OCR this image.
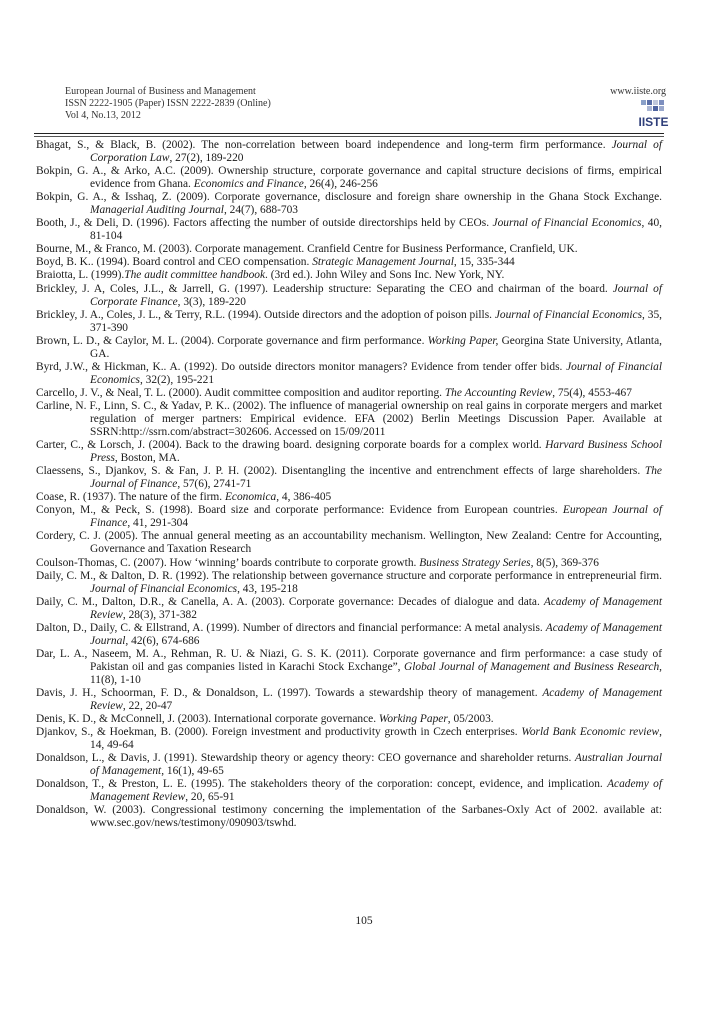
European Journal of Business and Management
ISSN 2222-1905 (Paper) ISSN 2222-2839 (Online)
Vol 4, No.13, 2012
www.iiste.org
IISTE
Bhagat, S., & Black, B. (2002). The non-correlation between board independence and long-term firm performance. Journal of Corporation Law, 27(2), 189-220
Bokpin, G. A., & Arko, A.C. (2009). Ownership structure, corporate governance and capital structure decisions of firms, empirical evidence from Ghana. Economics and Finance, 26(4), 246-256
Bokpin, G. A., & Isshaq, Z. (2009). Corporate governance, disclosure and foreign share ownership in the Ghana Stock Exchange. Managerial Auditing Journal, 24(7), 688-703
Booth, J., & Deli, D. (1996). Factors affecting the number of outside directorships held by CEOs. Journal of Financial Economics, 40, 81-104
Bourne, M., & Franco, M. (2003). Corporate management. Cranfield Centre for Business Performance, Cranfield, UK.
Boyd, B. K.. (1994). Board control and CEO compensation. Strategic Management Journal, 15, 335-344
Braiotta, L. (1999).The audit committee handbook. (3rd ed.). John Wiley and Sons Inc. New York, NY.
Brickley, J. A, Coles, J.L., & Jarrell, G. (1997). Leadership structure: Separating the CEO and chairman of the board. Journal of Corporate Finance, 3(3), 189-220
Brickley, J. A., Coles, J. L., & Terry, R.L. (1994). Outside directors and the adoption of poison pills. Journal of Financial Economics, 35, 371-390
Brown, L. D., & Caylor, M. L. (2004). Corporate governance and firm performance. Working Paper, Georgina State University, Atlanta, GA.
Byrd, J.W., & Hickman, K.. A. (1992). Do outside directors monitor managers? Evidence from tender offer bids. Journal of Financial Economics, 32(2), 195-221
Carcello, J. V., & Neal, T. L. (2000). Audit committee composition and auditor reporting. The Accounting Review, 75(4), 4553-467
Carline, N. F., Linn, S. C., & Yadav, P. K.. (2002). The influence of managerial ownership on real gains in corporate mergers and market regulation of merger partners: Empirical evidence. EFA (2002) Berlin Meetings Discussion Paper. Available at SSRN:http://ssrn.com/abstract=302606. Accessed on 15/09/2011
Carter, C., & Lorsch, J. (2004). Back to the drawing board. designing corporate boards for a complex world. Harvard Business School Press, Boston, MA.
Claessens, S., Djankov, S. & Fan, J. P. H. (2002). Disentangling the incentive and entrenchment effects of large shareholders. The Journal of Finance, 57(6), 2741-71
Coase, R. (1937). The nature of the firm. Economica, 4, 386-405
Conyon, M., & Peck, S. (1998). Board size and corporate performance: Evidence from European countries. European Journal of Finance, 41, 291-304
Cordery, C. J. (2005). The annual general meeting as an accountability mechanism. Wellington, New Zealand: Centre for Accounting, Governance and Taxation Research
Coulson-Thomas, C. (2007). How ‘winning’ boards contribute to corporate growth. Business Strategy Series, 8(5), 369-376
Daily, C. M., & Dalton, D. R. (1992). The relationship between governance structure and corporate performance in entrepreneurial firm. Journal of Financial Economics, 43, 195-218
Daily, C. M., Dalton, D.R., & Canella, A. A. (2003). Corporate governance: Decades of dialogue and data. Academy of Management Review, 28(3), 371-382
Dalton, D., Daily, C. & Ellstrand, A. (1999). Number of directors and financial performance: A metal analysis. Academy of Management Journal, 42(6), 674-686
Dar, L. A., Naseem, M. A., Rehman, R. U. & Niazi, G. S. K. (2011). Corporate governance and firm performance: a case study of Pakistan oil and gas companies listed in Karachi Stock Exchange”, Global Journal of Management and Business Research, 11(8), 1-10
Davis, J. H., Schoorman, F. D., & Donaldson, L. (1997). Towards a stewardship theory of management. Academy of Management Review, 22, 20-47
Denis, K. D., & McConnell, J. (2003). International corporate governance. Working Paper, 05/2003.
Djankov, S., & Hoekman, B. (2000). Foreign investment and productivity growth in Czech enterprises. World Bank Economic review, 14, 49-64
Donaldson, L., & Davis, J. (1991). Stewardship theory or agency theory: CEO governance and shareholder returns. Australian Journal of Management, 16(1), 49-65
Donaldson, T., & Preston, L. E. (1995). The stakeholders theory of the corporation: concept, evidence, and implication. Academy of Management Review, 20, 65-91
Donaldson, W. (2003). Congressional testimony concerning the implementation of the Sarbanes-Oxly Act of 2002. available at: www.sec.gov/news/testimony/090903/tswhd.
105
